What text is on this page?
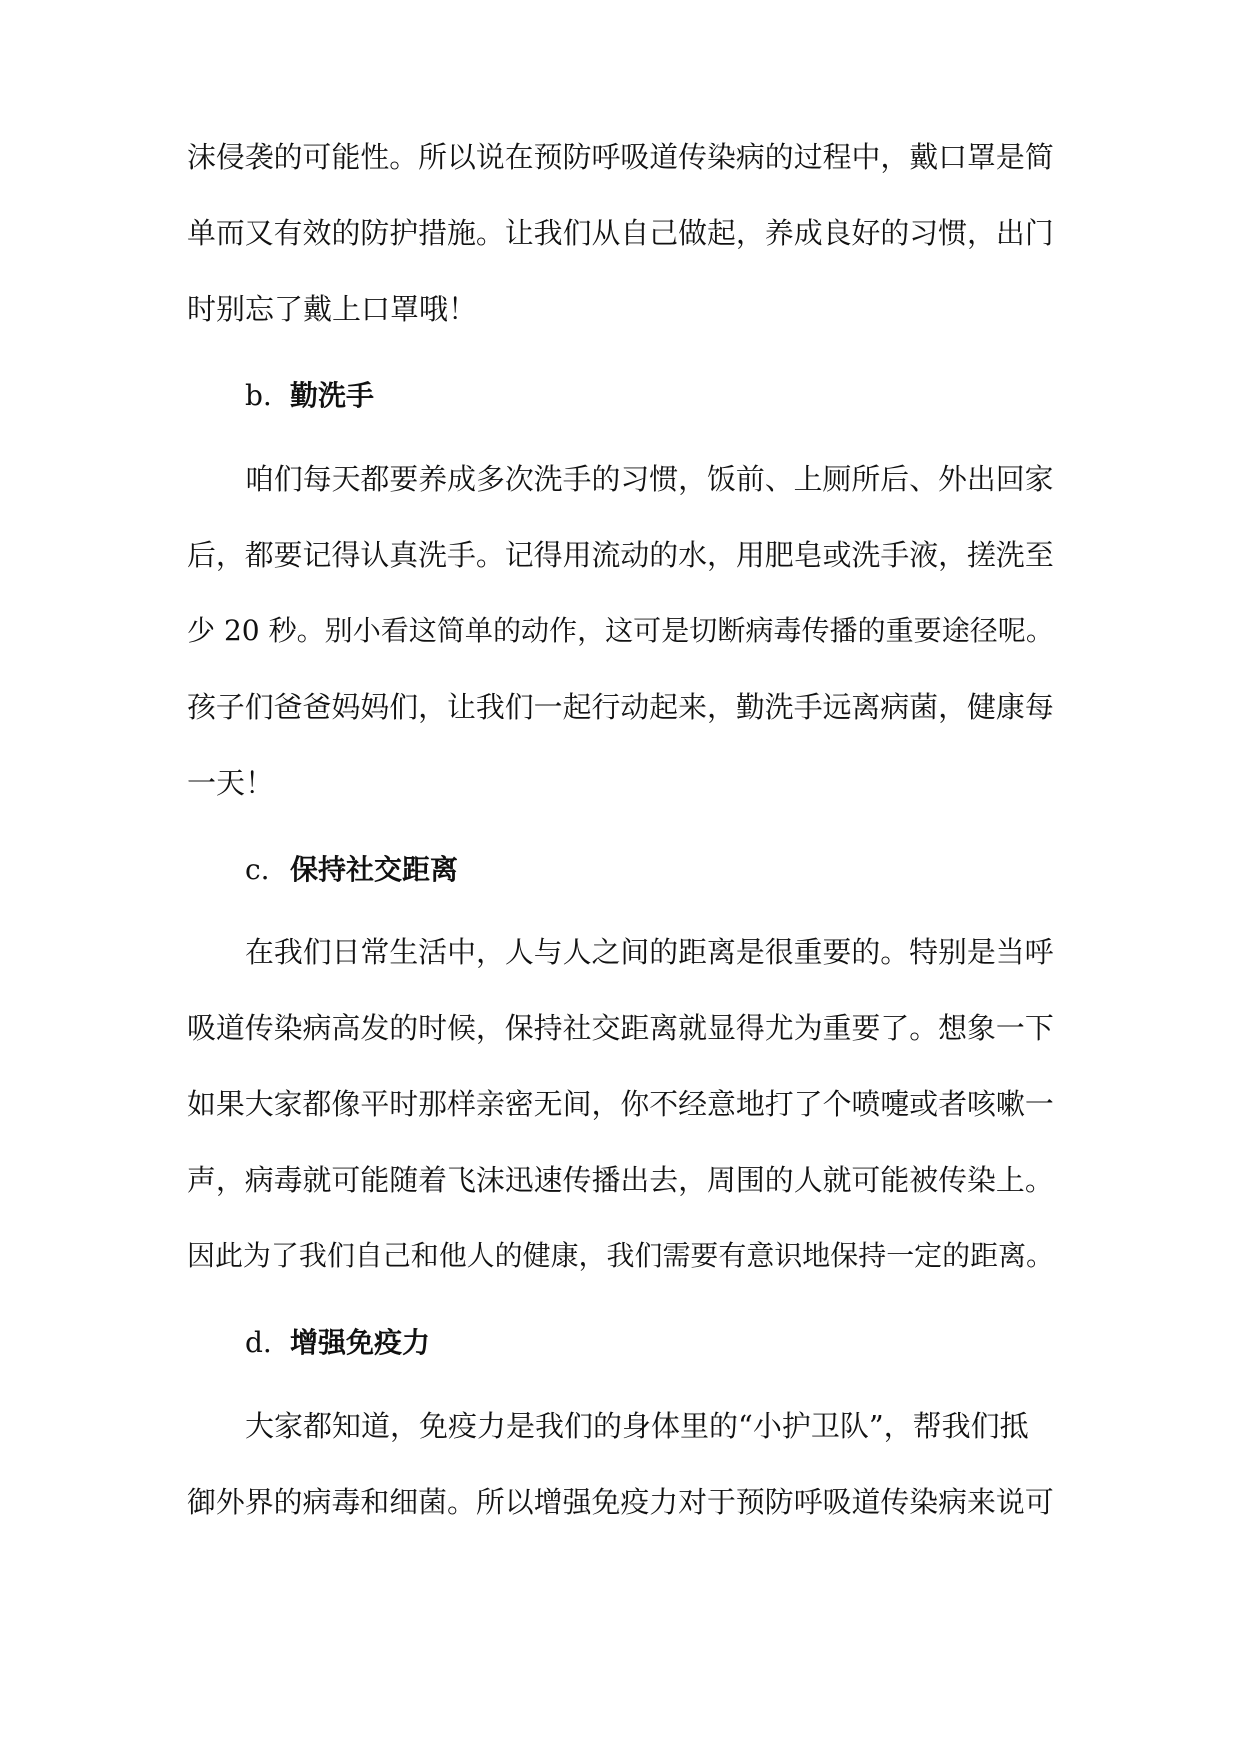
沫侵袭的可能性。所以说在预防呼吸道传染病的过程中，戴口罩是简
单而又有效的防护措施。让我们从自己做起，养成良好的习惯，出门
时别忘了戴上口罩哦！
b. 勤洗手
咱们每天都要养成多次洗手的习惯，饭前、上厕所后、外出回家
后，都要记得认真洗手。记得用流动的水，用肥皂或洗手液，搓洗至
少 20 秒。别小看这简单的动作，这可是切断病毒传播的重要途径呢。
孩子们爸爸妈妈们，让我们一起行动起来，勤洗手远离病菌，健康每
一天！
c. 保持社交距离
在我们日常生活中，人与人之间的距离是很重要的。特别是当呼
吸道传染病高发的时候，保持社交距离就显得尤为重要了。想象一下
如果大家都像平时那样亲密无间，你不经意地打了个喷嚏或者咳嗽一
声，病毒就可能随着飞沫迅速传播出去，周围的人就可能被传染上。
因此为了我们自己和他人的健康，我们需要有意识地保持一定的距离。
d. 增强免疫力
大家都知道，免疫力是我们的身体里的“小护卫队”，帮我们抵
御外界的病毒和细菌。所以增强免疫力对于预防呼吸道传染病来说可
